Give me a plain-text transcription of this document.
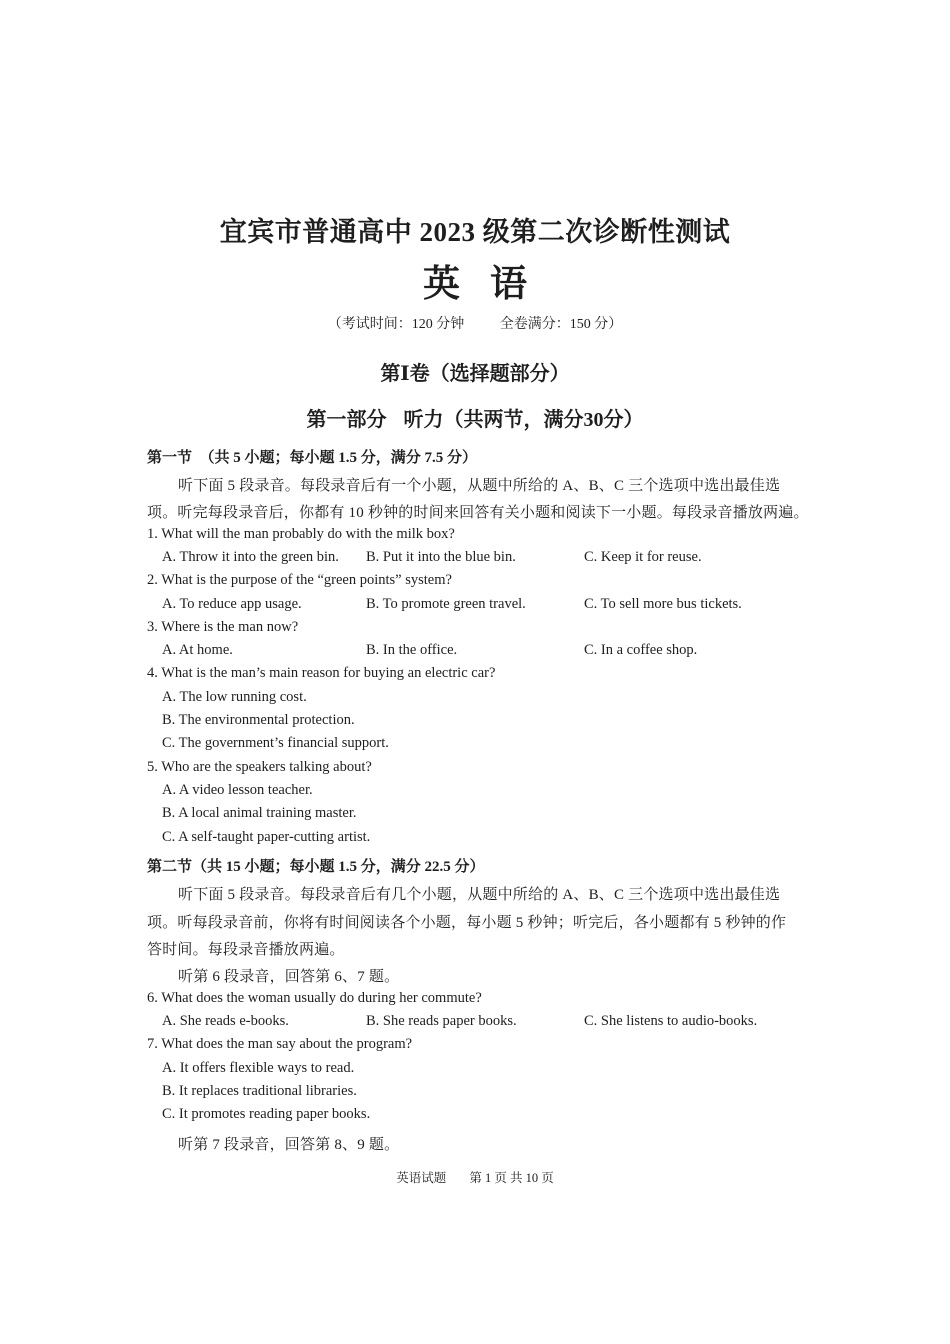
宜宾市普通高中 2023 级第二次诊断性测试
英语
（考试时间：120 分钟	全卷满分：150 分）
第Ⅰ卷（选择题部分）
第一部分 听力（共两节，满分30分）
第一节　（共 5 小题；每小题 1.5 分，满分 7.5 分）
听下面 5 段录音。每段录音后有一个小题，从题中所给的 A、B、C 三个选项中选出最佳选
项。听完每段录音后，你都有 10 秒钟的时间来回答有关小题和阅读下一小题。每段录音播放两遍。
1. What will the man probably do with the milk box?
A. Throw it into the green bin. B. Put it into the blue bin.	C. Keep it for reuse.
2. What is the purpose of the “green points” system?
A. To reduce app usage.	B. To promote green travel.	C. To sell more bus tickets.
3. Where is the man now?
A. At home.	B. In the office.	C. In a coffee shop.
4. What is the man’s main reason for buying an electric car?
A. The low running cost.
B. The environmental protection.
C. The government’s financial support.
5. Who are the speakers talking about?
A. A video lesson teacher.
B. A local animal training master.
C. A self-taught paper-cutting artist.
第二节（共 15 小题；每小题 1.5 分，满分 22.5 分）
听下面 5 段录音。每段录音后有几个小题，从题中所给的 A、B、C 三个选项中选出最佳选
项。听每段录音前，你将有时间阅读各个小题，每小题 5 秒钟；听完后，各小题都有 5 秒钟的作
答时间。每段录音播放两遍。
听第 6 段录音，回答第 6、7 题。
6. What does the woman usually do during her commute?
A. She reads e-books.	B. She reads paper books.	C. She listens to audio-books.
7. What does the man say about the program?
A. It offers flexible ways to read.
B. It replaces traditional libraries.
C. It promotes reading paper books.
听第 7 段录音，回答第 8、9 题。
英语试题 第 1 页 共 10 页
